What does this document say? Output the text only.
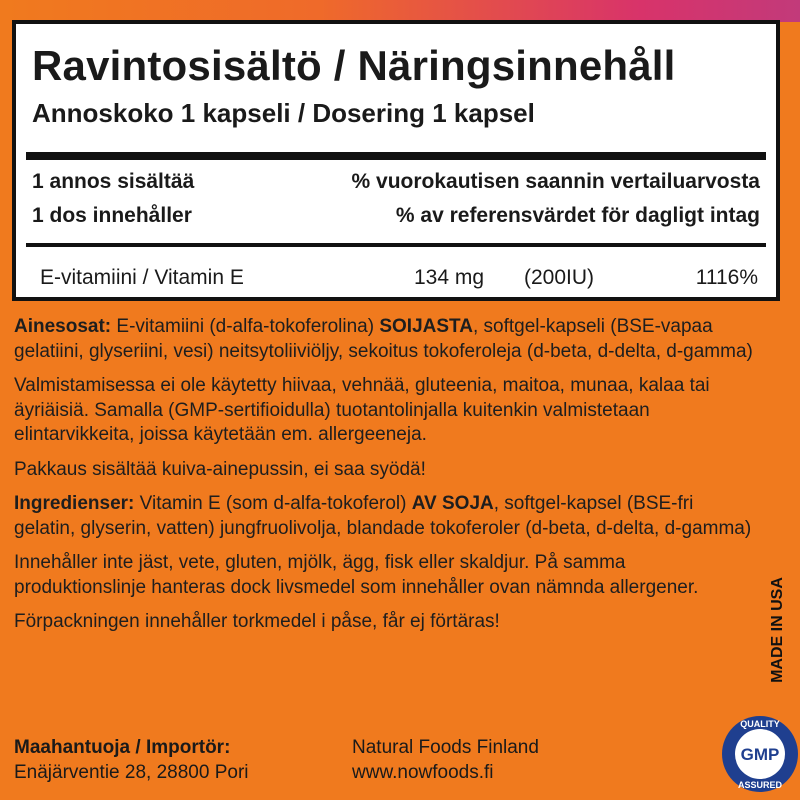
Ravintosisältö / Näringsinnehåll
Annoskoko 1 kapseli / Dosering 1 kapsel
1 annos sisältää
1 dos innehåller
% vuorokautisen saannin vertailuarvosta
% av referensvärdet för dagligt intag
E-vitamiini / Vitamin E	134 mg (200IU)	1116%

Ainesosat: E-vitamiini (d-alfa-tokoferolina) SOIJASTA, softgel-kapseli (BSE-vapaa gelatiini, glyseriini, vesi) neitsytoliiviöljy, sekoitus tokoferoleja (d-beta, d-delta, d-gamma)

Valmistamisessa ei ole käytetty hiivaa, vehnää, gluteenia, maitoa, munaa, kalaa tai äyriäisiä. Samalla (GMP-sertifioidulla) tuotantolinjalla kuitenkin valmistetaan elintarvikkeita, joissa käytetään em. allergeeneja.

Pakkaus sisältää kuiva-ainepussin, ei saa syödä!

Ingredienser: Vitamin E (som d-alfa-tokoferol) AV SOJA, softgel-kapsel (BSE-fri gelatin, glyserin, vatten) jungfruolivolja, blandade tokoferoler (d-beta, d-delta, d-gamma)

Innehåller inte jäst, vete, gluten, mjölk, ägg, fisk eller skaldjur. På samma produktionslinje hanteras dock livsmedel som innehåller ovan nämnda allergener.

Förpackningen innehåller torkmedel i påse, får ej förtäras!

Maahantuoja / Importör:
Enäjärventie 28, 28800 Pori
Natural Foods Finland
www.nowfoods.fi
MADE IN USA
QUALITY
GMP
ASSURED
